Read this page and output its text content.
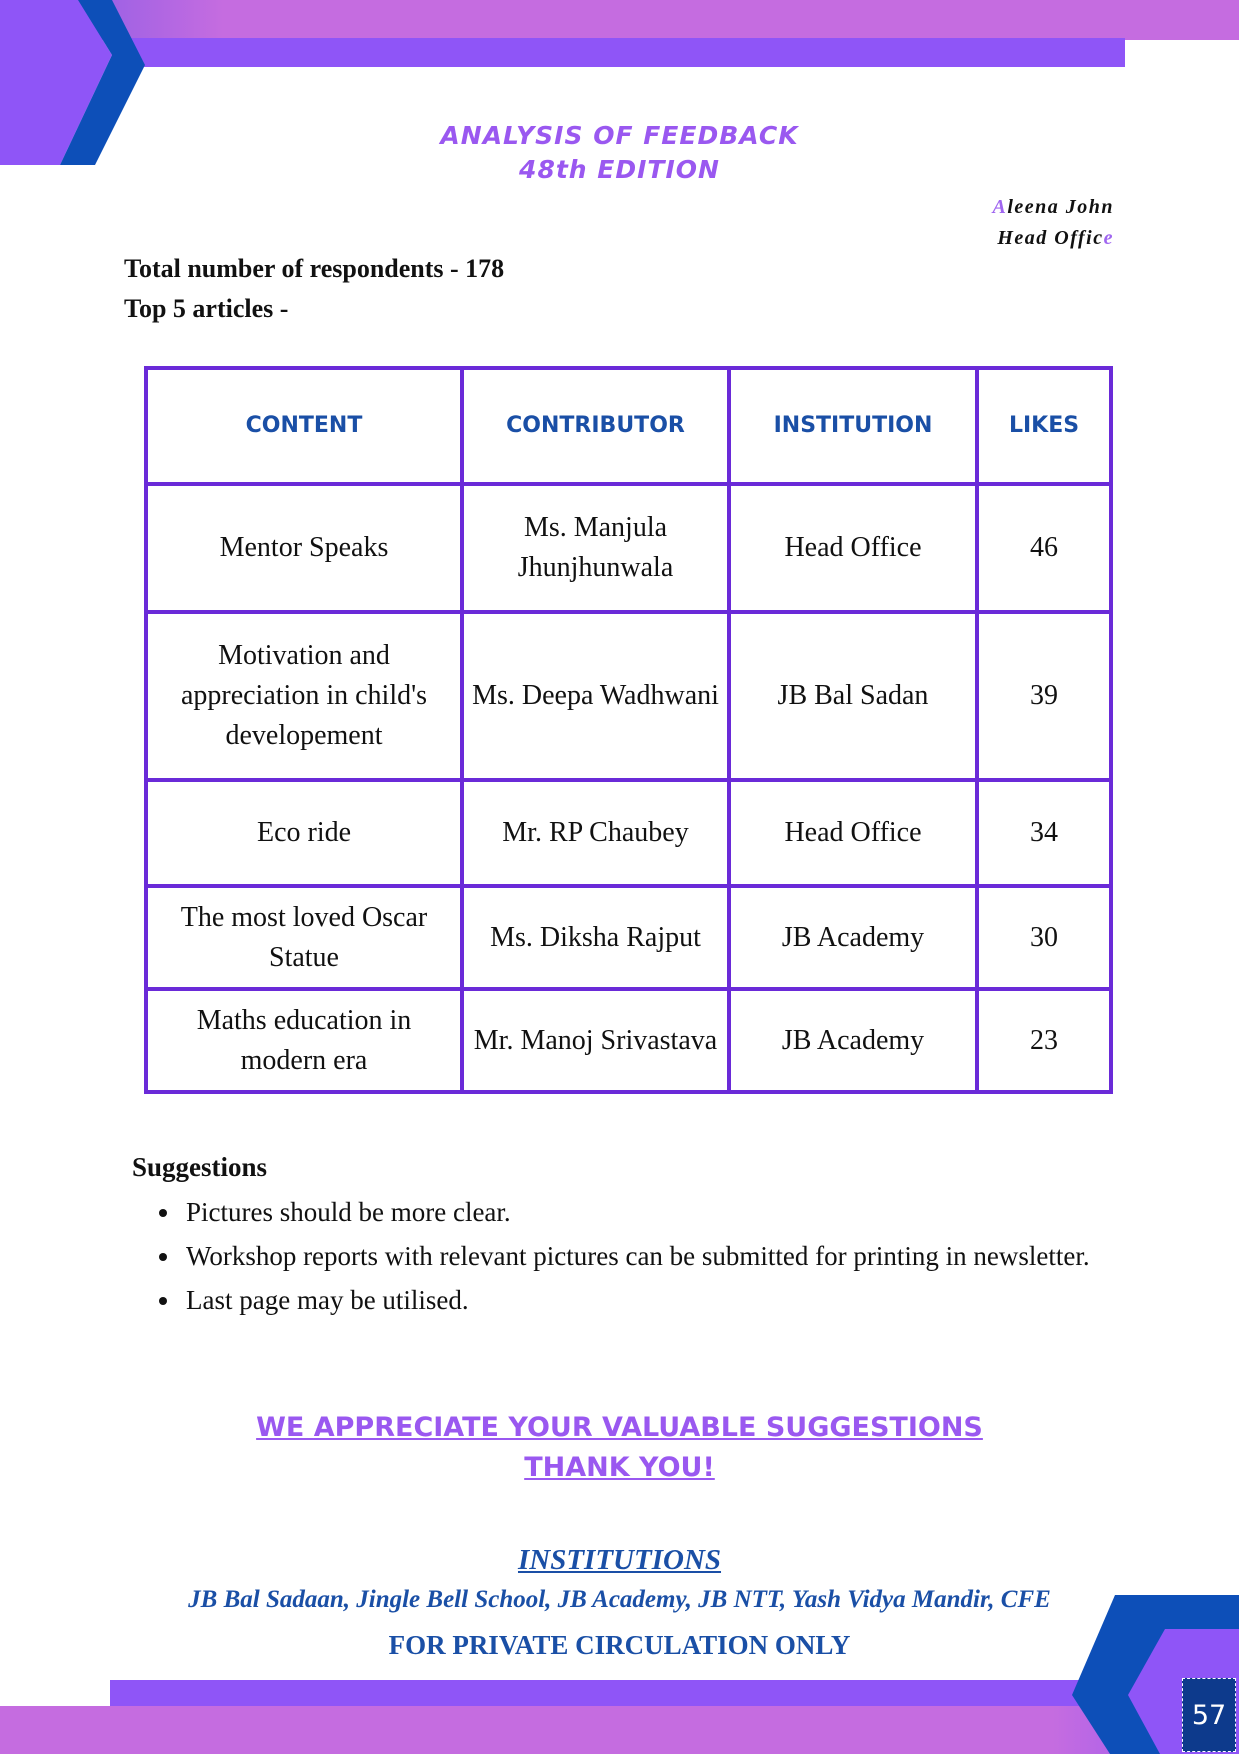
ANALYSIS OF FEEDBACK
48th EDITION
Aleena John
Head Office
Total number of respondents - 178
Top 5 articles -
CONTENT	CONTRIBUTOR	INSTITUTION	LIKES
Mentor Speaks	Ms. Manjula Jhunjhunwala	Head Office	46
Motivation and appreciation in child's developement	Ms. Deepa Wadhwani	JB Bal Sadan	39
Eco ride	Mr. RP Chaubey	Head Office	34
The most loved Oscar Statue	Ms. Diksha Rajput	JB Academy	30
Maths education in modern era	Mr. Manoj Srivastava	JB Academy	23
Suggestions
• Pictures should be more clear.
• Workshop reports with relevant pictures can be submitted for printing in newsletter.
• Last page may be utilised.
WE APPRECIATE YOUR VALUABLE SUGGESTIONS
THANK YOU!
INSTITUTIONS
JB Bal Sadaan, Jingle Bell School, JB Academy, JB NTT, Yash Vidya Mandir, CFE
FOR PRIVATE CIRCULATION ONLY
57
